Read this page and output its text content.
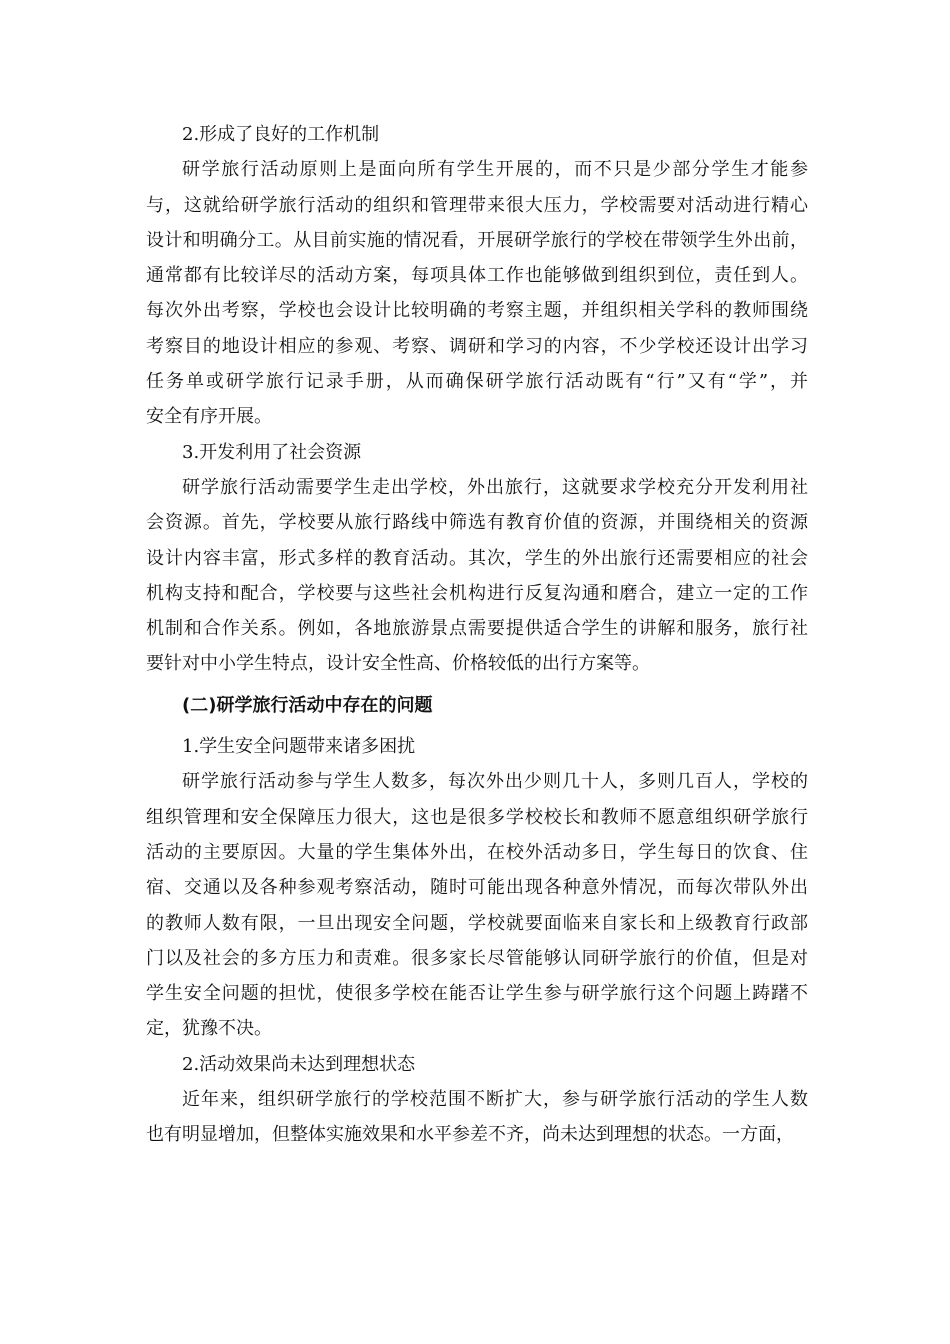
2.形成了良好的工作机制
研学旅行活动原则上是面向所有学生开展的，而不只是少部分学生才能参
与，这就给研学旅行活动的组织和管理带来很大压力，学校需要对活动进行精心
设计和明确分工。从目前实施的情况看，开展研学旅行的学校在带领学生外出前，
通常都有比较详尽的活动方案，每项具体工作也能够做到组织到位，责任到人。
每次外出考察，学校也会设计比较明确的考察主题，并组织相关学科的教师围绕
考察目的地设计相应的参观、考察、调研和学习的内容，不少学校还设计出学习
任务单或研学旅行记录手册，从而确保研学旅行活动既有“行”又有“学”，并
安全有序开展。
3.开发利用了社会资源
研学旅行活动需要学生走出学校，外出旅行，这就要求学校充分开发利用社
会资源。首先，学校要从旅行路线中筛选有教育价值的资源，并围绕相关的资源
设计内容丰富，形式多样的教育活动。其次，学生的外出旅行还需要相应的社会
机构支持和配合，学校要与这些社会机构进行反复沟通和磨合，建立一定的工作
机制和合作关系。例如，各地旅游景点需要提供适合学生的讲解和服务，旅行社
要针对中小学生特点，设计安全性高、价格较低的出行方案等。
(二)研学旅行活动中存在的问题
1.学生安全问题带来诸多困扰
研学旅行活动参与学生人数多，每次外出少则几十人，多则几百人，学校的
组织管理和安全保障压力很大，这也是很多学校校长和教师不愿意组织研学旅行
活动的主要原因。大量的学生集体外出，在校外活动多日，学生每日的饮食、住
宿、交通以及各种参观考察活动，随时可能出现各种意外情况，而每次带队外出
的教师人数有限，一旦出现安全问题，学校就要面临来自家长和上级教育行政部
门以及社会的多方压力和责难。很多家长尽管能够认同研学旅行的价值，但是对
学生安全问题的担忧，使很多学校在能否让学生参与研学旅行这个问题上踌躇不
定，犹豫不决。
2.活动效果尚未达到理想状态
近年来，组织研学旅行的学校范围不断扩大，参与研学旅行活动的学生人数
也有明显增加，但整体实施效果和水平参差不齐，尚未达到理想的状态。一方面，
